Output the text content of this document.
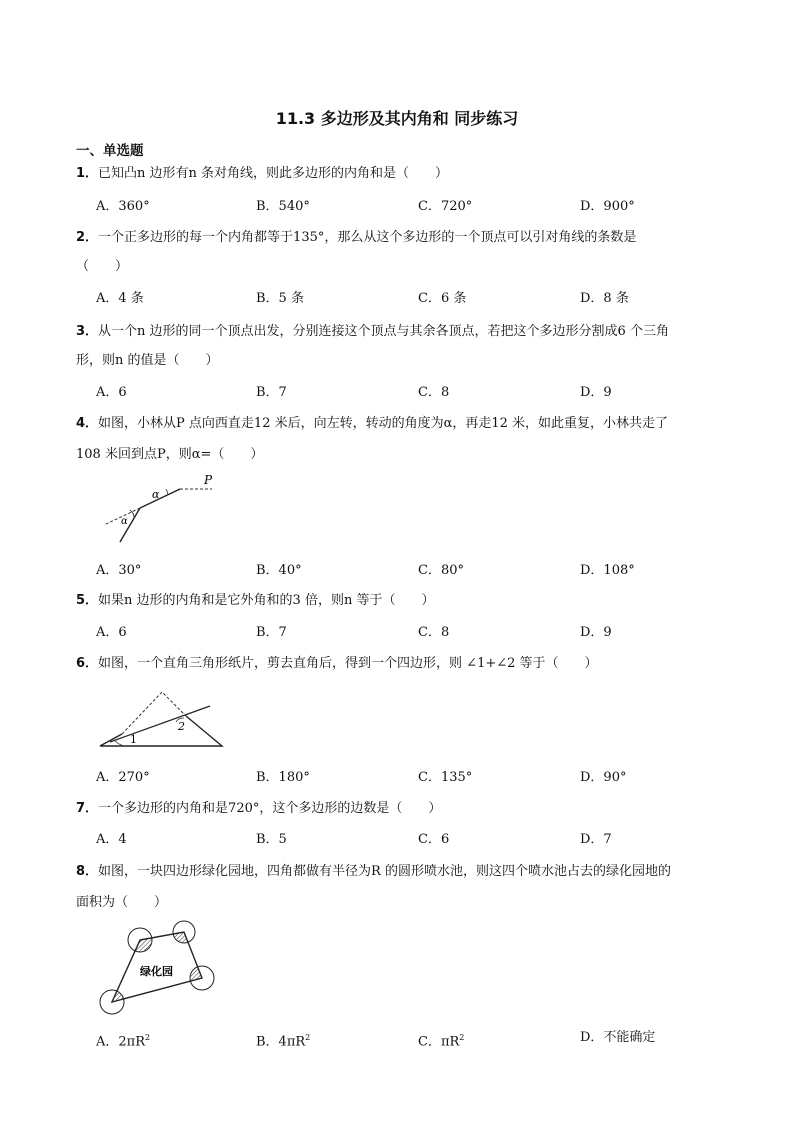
11.3 多边形及其内角和 同步练习
一、单选题
1．已知凸n 边形有n 条对角线，则此多边形的内角和是（　　）
A．360°	B．540°	C．720°	D．900°
2．一个正多边形的每一个内角都等于135°，那么从这个多边形的一个顶点可以引对角线的条数是
（　　）
A．4 条	B．5 条	C．6 条	D．8 条
3．从一个n 边形的同一个顶点出发，分别连接这个顶点与其余各顶点，若把这个多边形分割成6 个三角
形，则n 的值是（　　）
A．6	B．7	C．8	D．9
4．如图，小林从P 点向西直走12 米后，向左转，转动的角度为α，再走12 米，如此重复，小林共走了
108 米回到点P，则α=（　　）
P
α
α
A．30°	B．40°	C．80°	D．108°
5．如果n 边形的内角和是它外角和的3 倍，则n 等于（　　）
A．6	B．7	C．8	D．9
6．如图，一个直角三角形纸片，剪去直角后，得到一个四边形，则 ∠1+∠2 等于（　　）
1
2
A．270°	B．180°	C．135°	D．90°
7．一个多边形的内角和是720°，这个多边形的边数是（　　）
A．4	B．5	C．6	D．7
8．如图，一块四边形绿化园地，四角都做有半径为R 的圆形喷水池，则这四个喷水池占去的绿化园地的
面积为（　　）
绿化园
A．$2\pi R^2$	B．$4\pi R^2$	C．$\pi R^2$	D．不能确定
